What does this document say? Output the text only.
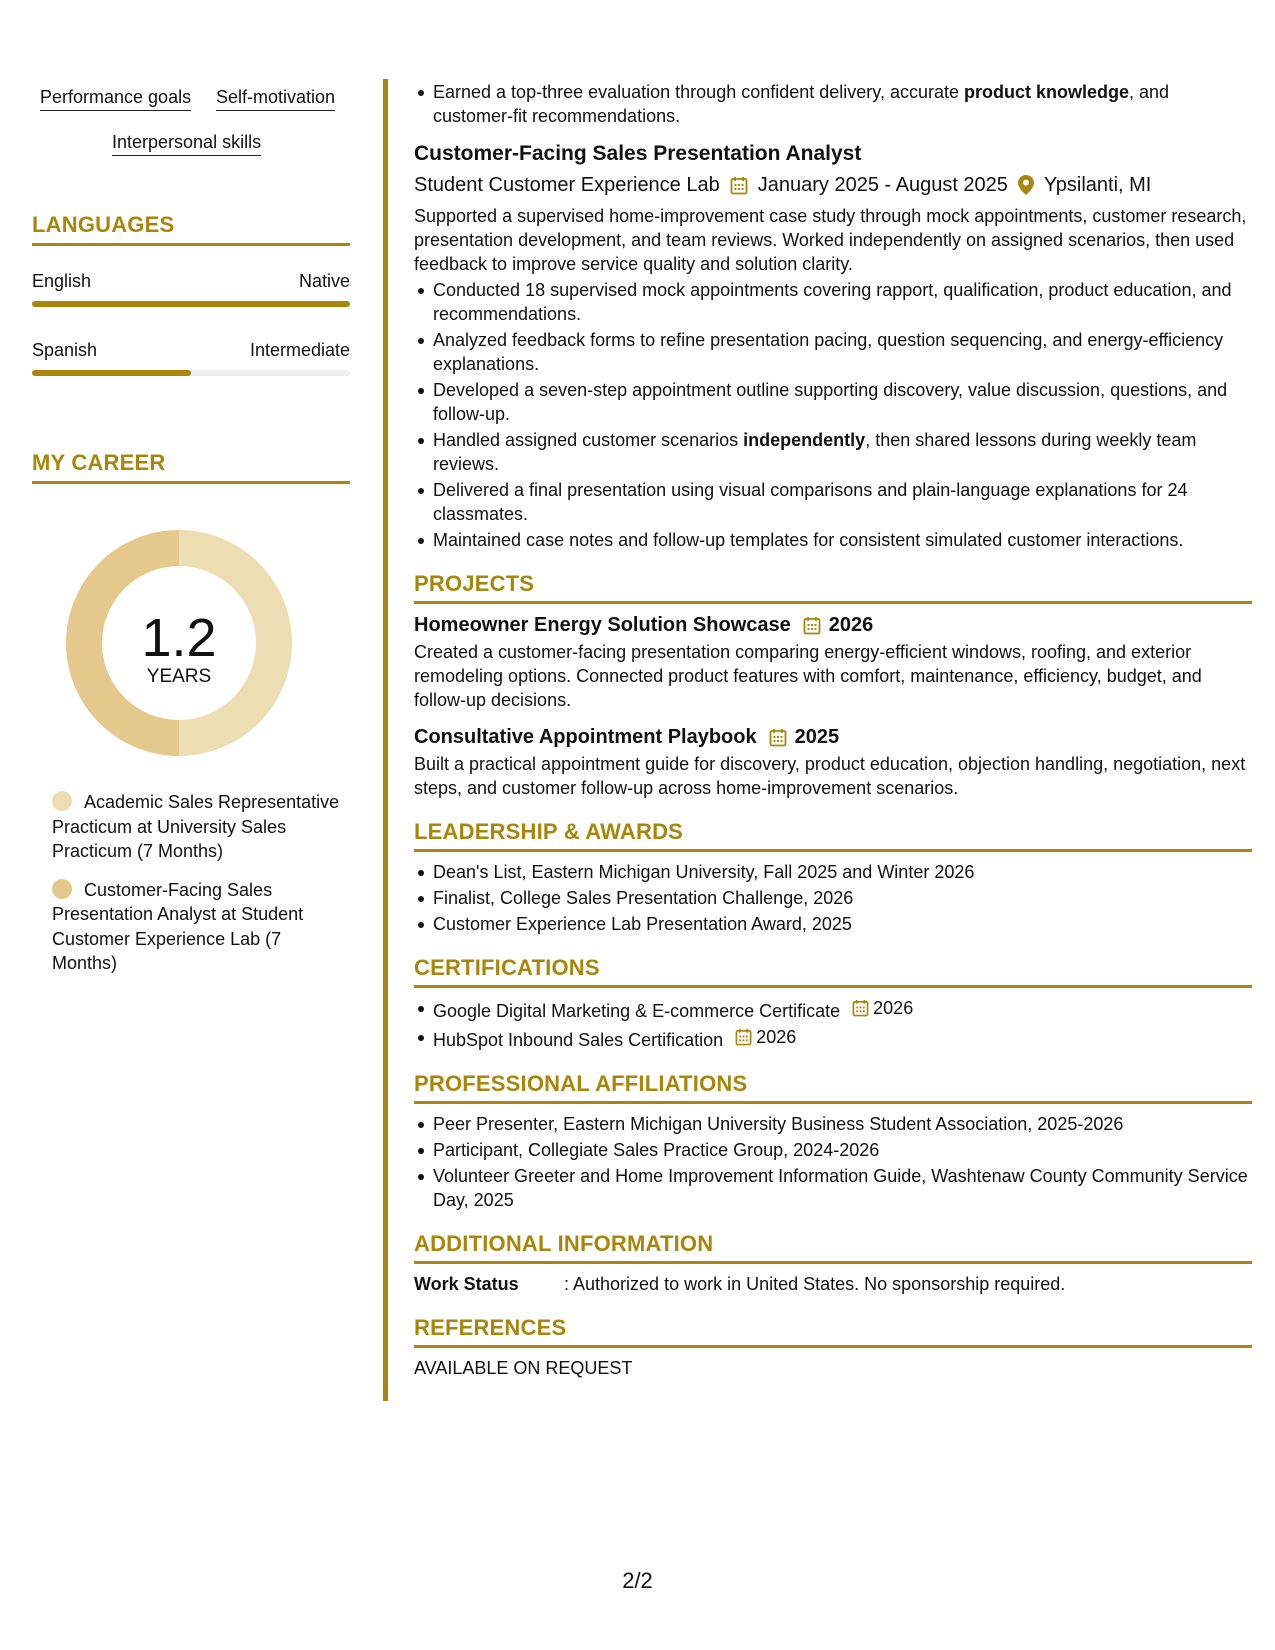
Performance goals Self-motivation
Interpersonal skills
LANGUAGES
English	Native
Spanish	Intermediate
MY CAREER
1.2
YEARS
Academic Sales Representative Practicum at University Sales Practicum (7 Months)
Customer-Facing Sales Presentation Analyst at Student Customer Experience Lab (7 Months)
Earned a top-three evaluation through confident delivery, accurate product knowledge, and customer-fit recommendations.
Customer-Facing Sales Presentation Analyst
Student Customer Experience Lab January 2025 - August 2025 Ypsilanti, MI
Supported a supervised home-improvement case study through mock appointments, customer research, presentation development, and team reviews. Worked independently on assigned scenarios, then used feedback to improve service quality and solution clarity.
Conducted 18 supervised mock appointments covering rapport, qualification, product education, and recommendations.
Analyzed feedback forms to refine presentation pacing, question sequencing, and energy-efficiency explanations.
Developed a seven-step appointment outline supporting discovery, value discussion, questions, and follow-up.
Handled assigned customer scenarios independently, then shared lessons during weekly team reviews.
Delivered a final presentation using visual comparisons and plain-language explanations for 24 classmates.
Maintained case notes and follow-up templates for consistent simulated customer interactions.
PROJECTS
Homeowner Energy Solution Showcase 2026
Created a customer-facing presentation comparing energy-efficient windows, roofing, and exterior remodeling options. Connected product features with comfort, maintenance, efficiency, budget, and follow-up decisions.
Consultative Appointment Playbook 2025
Built a practical appointment guide for discovery, product education, objection handling, negotiation, next steps, and customer follow-up across home-improvement scenarios.
LEADERSHIP & AWARDS
Dean's List, Eastern Michigan University, Fall 2025 and Winter 2026
Finalist, College Sales Presentation Challenge, 2026
Customer Experience Lab Presentation Award, 2025
CERTIFICATIONS
Google Digital Marketing & E-commerce Certificate 2026
HubSpot Inbound Sales Certification 2026
PROFESSIONAL AFFILIATIONS
Peer Presenter, Eastern Michigan University Business Student Association, 2025-2026
Participant, Collegiate Sales Practice Group, 2024-2026
Volunteer Greeter and Home Improvement Information Guide, Washtenaw County Community Service Day, 2025
ADDITIONAL INFORMATION
Work Status	: Authorized to work in United States. No sponsorship required.
REFERENCES
AVAILABLE ON REQUEST
2/2
